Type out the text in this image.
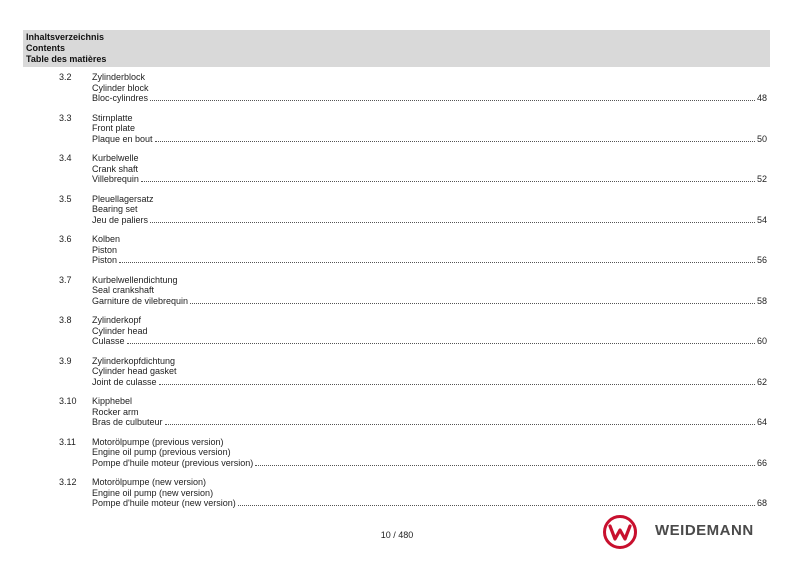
Inhaltsverzeichnis
Contents
Table des matières
3.2 Zylinderblock
Cylinder block
Bloc-cylindres	48
3.3 Stirnplatte
Front plate
Plaque en bout	50
3.4 Kurbelwelle
Crank shaft
Villebrequin	52
3.5 Pleuellagersatz
Bearing set
Jeu de paliers	54
3.6 Kolben
Piston
Piston	56
3.7 Kurbelwellendichtung
Seal crankshaft
Garniture de vilebrequin	58
3.8 Zylinderkopf
Cylinder head
Culasse	60
3.9 Zylinderkopfdichtung
Cylinder head gasket
Joint de culasse	62
3.10 Kipphebel
Rocker arm
Bras de culbuteur	64
3.11 Motorölpumpe (previous version)
Engine oil pump (previous version)
Pompe d'huile moteur (previous version)	66
3.12 Motorölpumpe (new version)
Engine oil pump (new version)
Pompe d'huile moteur (new version)	68
10 / 480	WEIDEMANN
